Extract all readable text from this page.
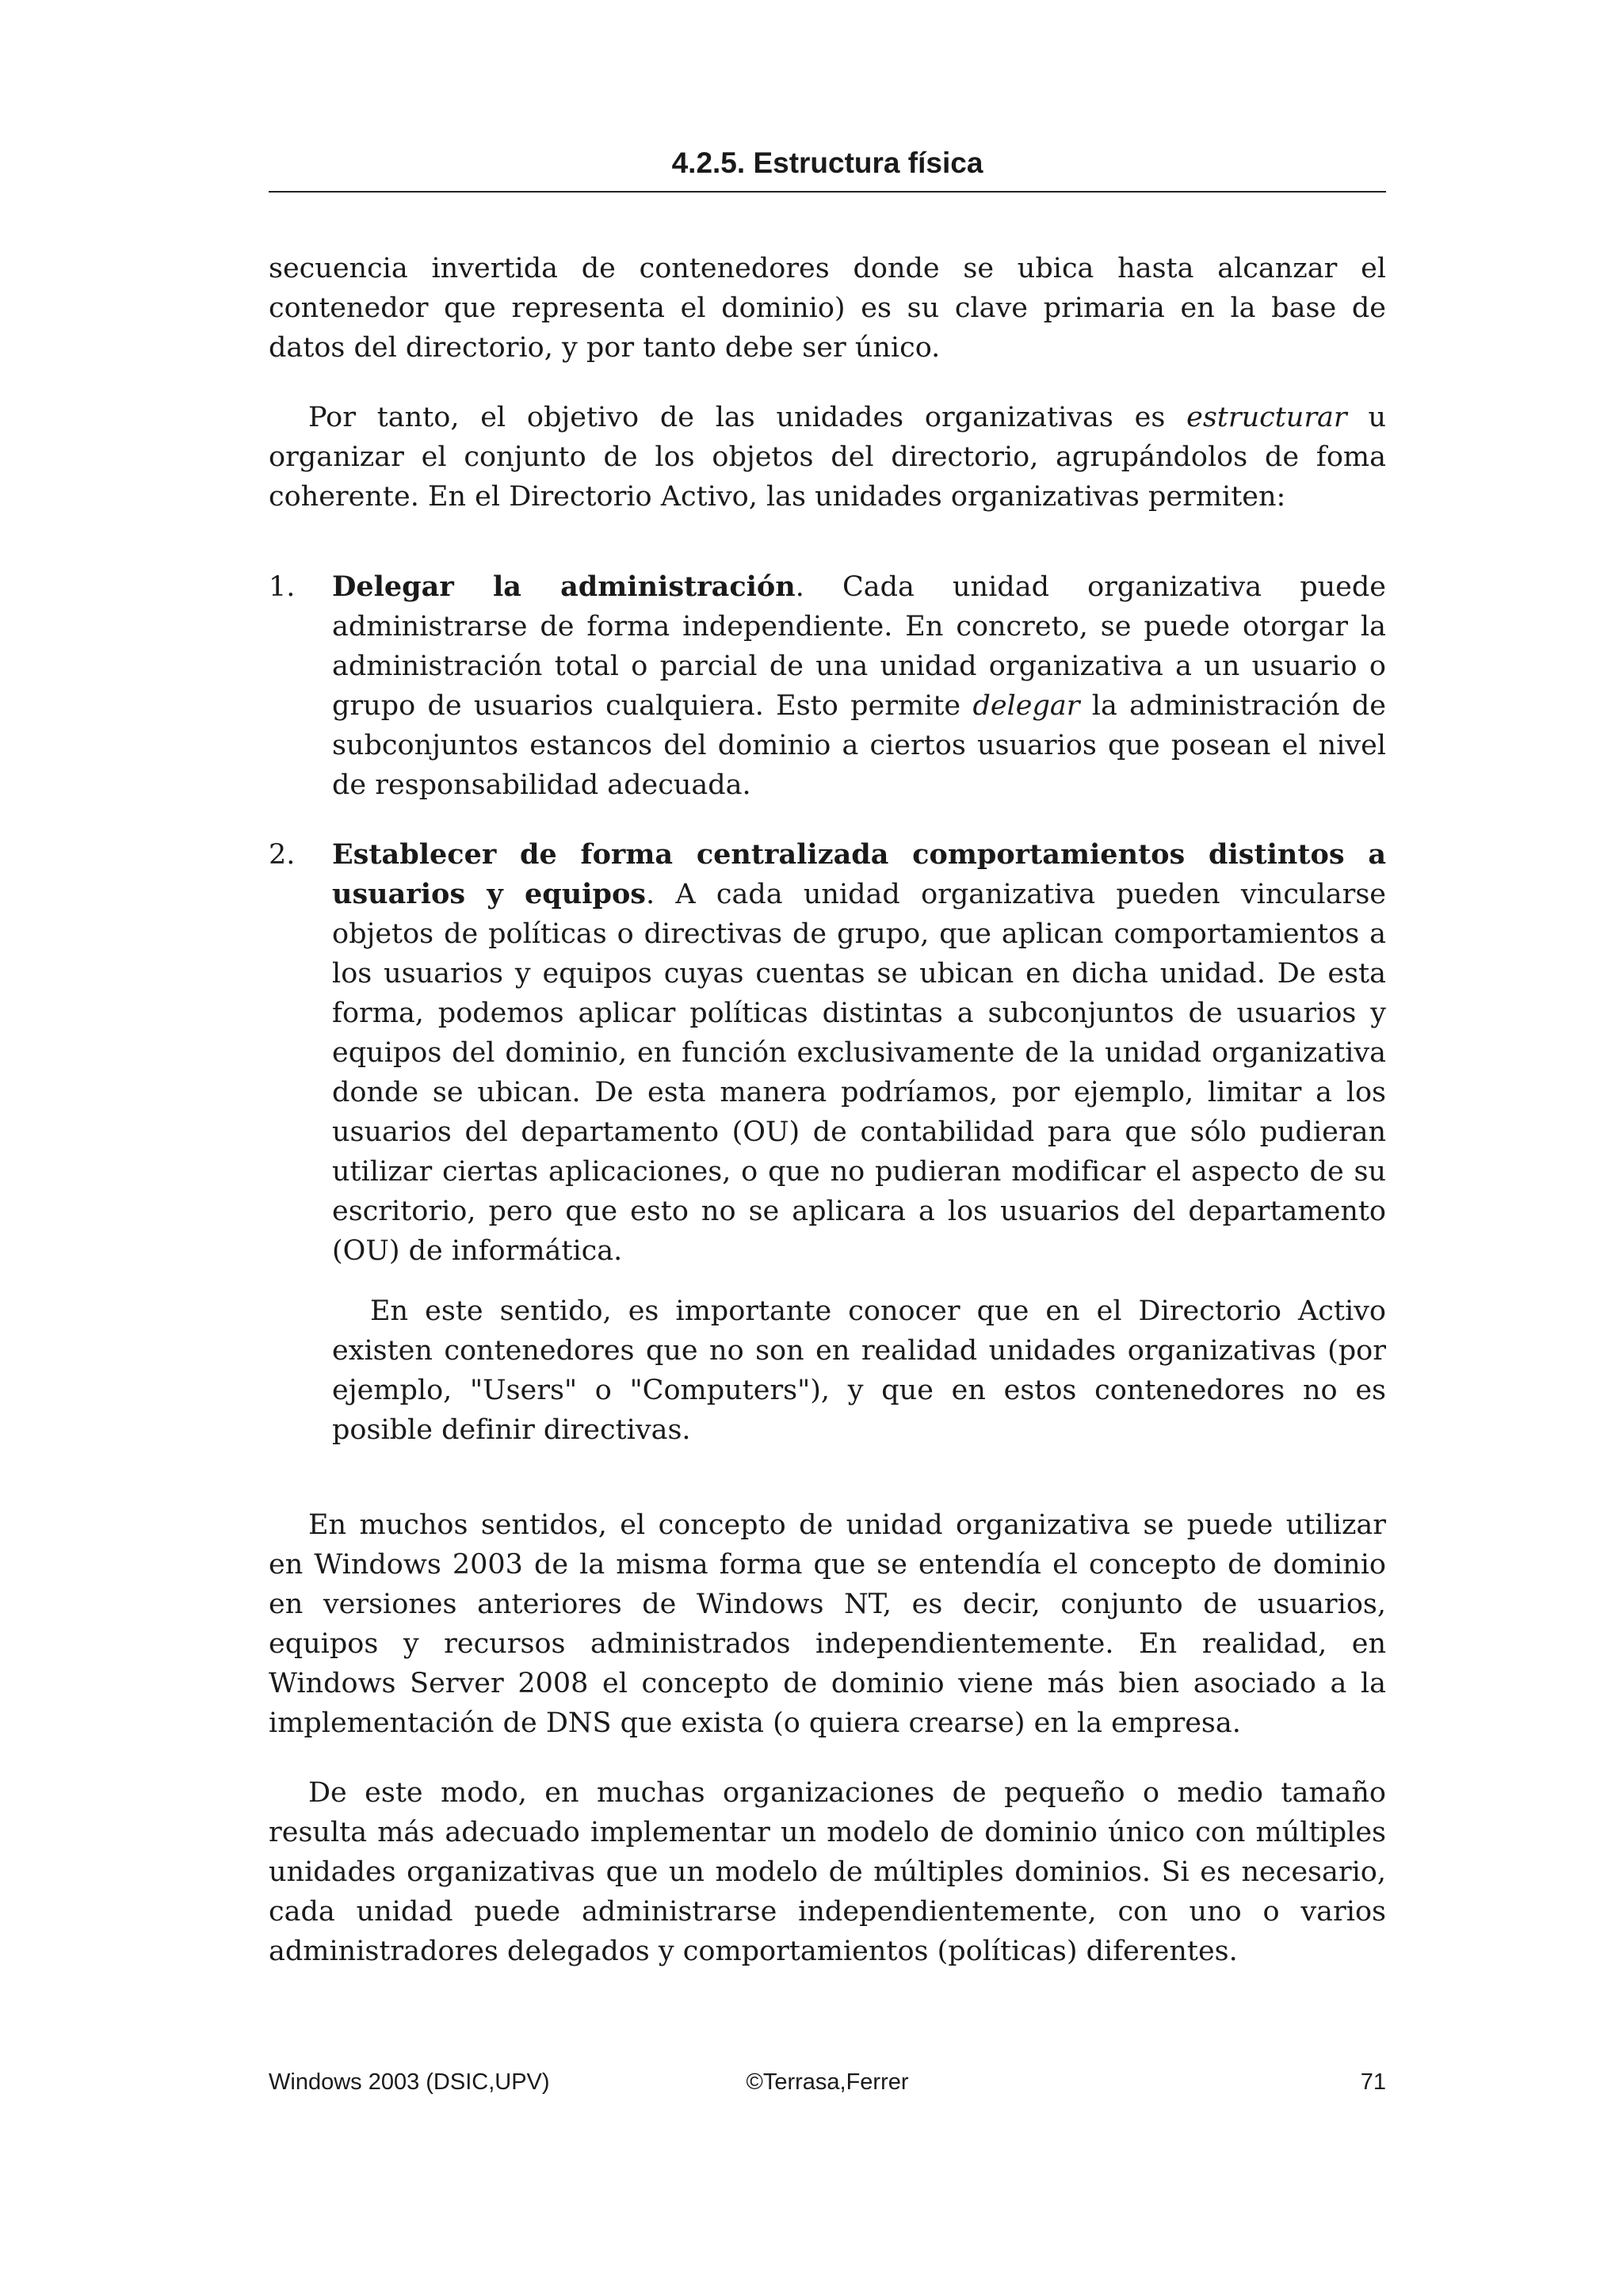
4.2.5. Estructura física

secuencia invertida de contenedores donde se ubica hasta alcanzar el contenedor que representa el dominio) es su clave primaria en la base de datos del directorio, y por tanto debe ser único.

Por tanto, el objetivo de las unidades organizativas es estructurar u organizar el conjunto de los objetos del directorio, agrupándolos de foma coherente. En el Directorio Activo, las unidades organizativas permiten:

1. Delegar la administración. Cada unidad organizativa puede administrarse de forma independiente. En concreto, se puede otorgar la administración total o parcial de una unidad organizativa a un usuario o grupo de usuarios cualquiera. Esto permite delegar la administración de subconjuntos estancos del dominio a ciertos usuarios que posean el nivel de responsabilidad adecuada.
2. Establecer de forma centralizada comportamientos distintos a usuarios y equipos. A cada unidad organizativa pueden vincularse objetos de políticas o directivas de grupo, que aplican comportamientos a los usuarios y equipos cuyas cuentas se ubican en dicha unidad. De esta forma, podemos aplicar políticas distintas a subconjuntos de usuarios y equipos del dominio, en función exclusivamente de la unidad organizativa donde se ubican. De esta manera podríamos, por ejemplo, limitar a los usuarios del departamento (OU) de contabilidad para que sólo pudieran utilizar ciertas aplicaciones, o que no pudieran modificar el aspecto de su escritorio, pero que esto no se aplicara a los usuarios del departamento (OU) de informática.

En este sentido, es importante conocer que en el Directorio Activo existen contenedores que no son en realidad unidades organizativas (por ejemplo, "Users" o "Computers"), y que en estos contenedores no es posible definir directivas.

En muchos sentidos, el concepto de unidad organizativa se puede utilizar en Windows 2003 de la misma forma que se entendía el concepto de dominio en versiones anteriores de Windows NT, es decir, conjunto de usuarios, equipos y recursos administrados independientemente. En realidad, en Windows Server 2008 el concepto de dominio viene más bien asociado a la implementación de DNS que exista (o quiera crearse) en la empresa.

De este modo, en muchas organizaciones de pequeño o medio tamaño resulta más adecuado implementar un modelo de dominio único con múltiples unidades organizativas que un modelo de múltiples dominios. Si es necesario, cada unidad puede administrarse independientemente, con uno o varios administradores delegados y comportamientos (políticas) diferentes.

Windows 2003 (DSIC,UPV)	©Terrasa,Ferrer	71
